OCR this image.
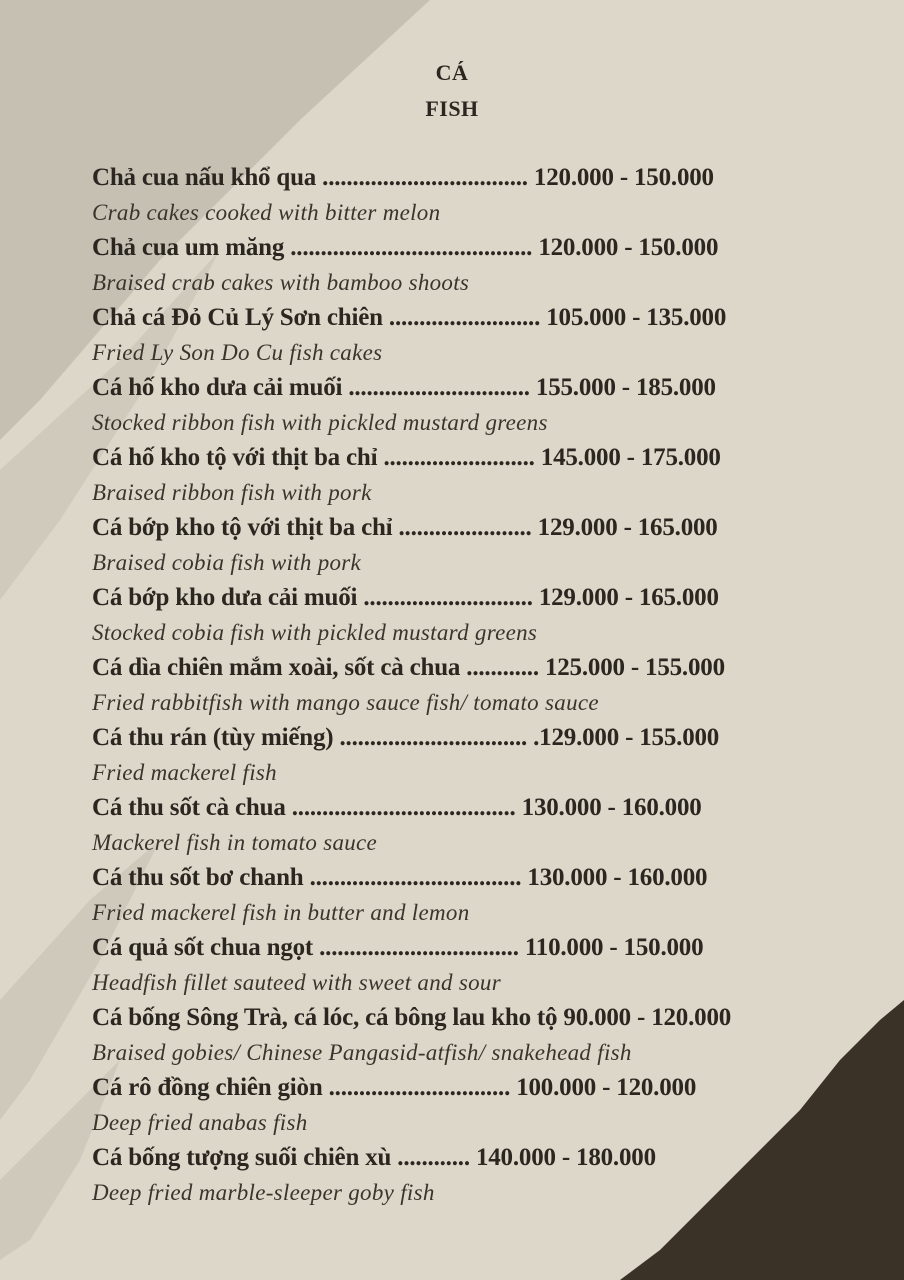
CÁ
FISH
Chả cua nấu khổ qua .................................. 120.000 - 150.000
Crab cakes cooked with bitter melon
Chả cua um măng ........................................ 120.000 - 150.000
Braised crab cakes with bamboo shoots
Chả cá Đỏ Củ Lý Sơn chiên ......................... 105.000 - 135.000
Fried Ly Son Do Cu fish cakes
Cá hố kho dưa cải muối .............................. 155.000 - 185.000
Stocked ribbon fish with pickled mustard greens
Cá hố kho tộ với thịt ba chỉ ......................... 145.000 - 175.000
Braised ribbon fish with pork
Cá bớp kho tộ với thịt ba chỉ ...................... 129.000 - 165.000
Braised cobia fish with pork
Cá bớp kho dưa cải muối ............................ 129.000 - 165.000
Stocked cobia fish with pickled mustard greens
Cá dìa chiên mắm xoài, sốt cà chua ............ 125.000 - 155.000
Fried rabbitfish with mango sauce fish/ tomato sauce
Cá thu rán (tùy miếng) ............................... .129.000 - 155.000
Fried mackerel fish
Cá thu sốt cà chua ..................................... 130.000 - 160.000
Mackerel fish in tomato sauce
Cá thu sốt bơ chanh ................................... 130.000 - 160.000
Fried mackerel fish in butter and lemon
Cá quả sốt chua ngọt ................................. 110.000 - 150.000
Headfish fillet sauteed with sweet and sour
Cá bống Sông Trà, cá lóc, cá bông lau kho tộ 90.000 - 120.000
Braised gobies/ Chinese Pangasid-atfish/ snakehead fish
Cá rô đồng chiên giòn .............................. 100.000 - 120.000
Deep fried anabas fish
Cá bống tượng suối chiên xù ............ 140.000 - 180.000
Deep fried marble-sleeper goby fish
